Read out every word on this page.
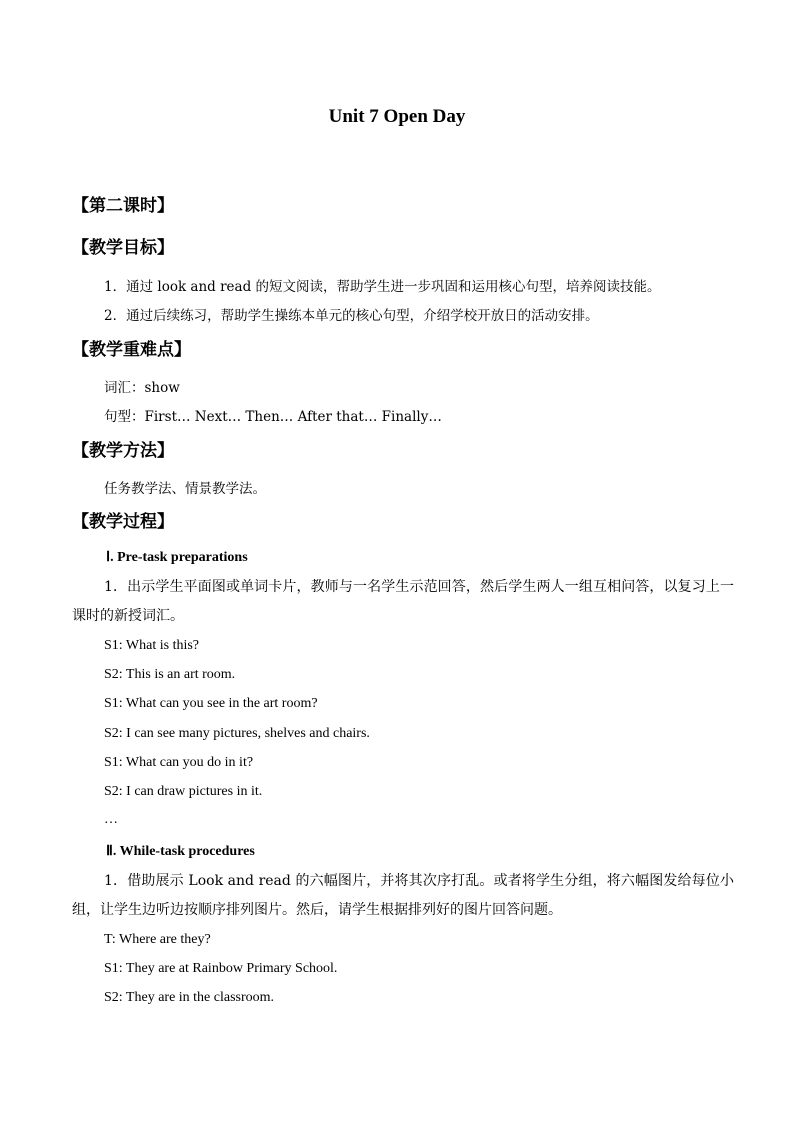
Unit 7 Open Day
【第二课时】
【教学目标】
1．通过 look and read 的短文阅读，帮助学生进一步巩固和运用核心句型，培养阅读技能。
2．通过后续练习，帮助学生操练本单元的核心句型，介绍学校开放日的活动安排。
【教学重难点】
词汇：show
句型：First… Next… Then… After that… Finally…
【教学方法】
任务教学法、情景教学法。
【教学过程】
Ⅰ. Pre-task preparations
1．出示学生平面图或单词卡片，教师与一名学生示范回答，然后学生两人一组互相问答，以复习上一课时的新授词汇。
S1: What is this?
S2: This is an art room.
S1: What can you see in the art room?
S2: I can see many pictures, shelves and chairs.
S1: What can you do in it?
S2: I can draw pictures in it.
…
Ⅱ. While-task procedures
1．借助展示 Look and read 的六幅图片，并将其次序打乱。或者将学生分组，将六幅图发给每位小组，让学生边听边按顺序排列图片。然后，请学生根据排列好的图片回答问题。
T: Where are they?
S1: They are at Rainbow Primary School.
S2: They are in the classroom.
